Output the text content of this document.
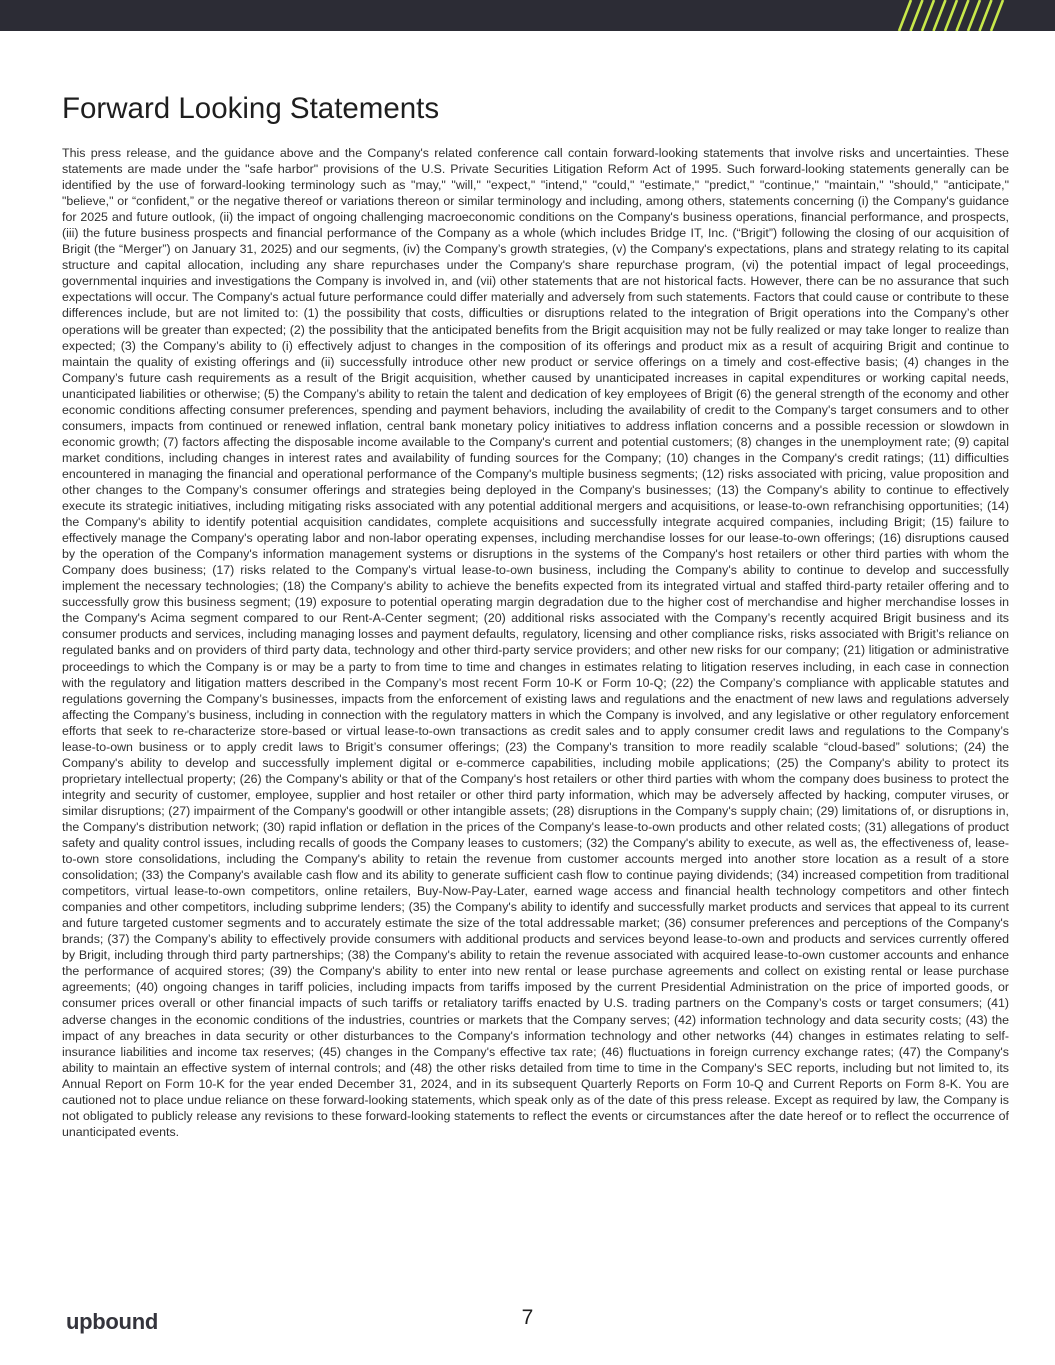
Forward Looking Statements

This press release, and the guidance above and the Company's related conference call contain forward-looking statements that involve risks and uncertainties. These statements are made under the "safe harbor" provisions of the U.S. Private Securities Litigation Reform Act of 1995. Such forward-looking statements generally can be identified by the use of forward-looking terminology such as "may," "will," "expect," "intend," "could," "estimate," "predict," "continue," "maintain," "should," "anticipate," "believe," or “confident,” or the negative thereof or variations thereon or similar terminology and including, among others, statements concerning (i) the Company's guidance for 2025 and future outlook, (ii) the impact of ongoing challenging macroeconomic conditions on the Company's business operations, financial performance, and prospects, (iii) the future business prospects and financial performance of the Company as a whole (which includes Bridge IT, Inc. (“Brigit”) following the closing of our acquisition of Brigit (the “Merger”) on January 31, 2025) and our segments, (iv) the Company’s growth strategies, (v) the Company's expectations, plans and strategy relating to its capital structure and capital allocation, including any share repurchases under the Company's share repurchase program, (vi) the potential impact of legal proceedings, governmental inquiries and investigations the Company is involved in, and (vii) other statements that are not historical facts. However, there can be no assurance that such expectations will occur. The Company's actual future performance could differ materially and adversely from such statements. Factors that could cause or contribute to these differences include, but are not limited to: (1) the possibility that costs, difficulties or disruptions related to the integration of Brigit operations into the Company’s other operations will be greater than expected; (2) the possibility that the anticipated benefits from the Brigit acquisition may not be fully realized or may take longer to realize than expected; (3) the Company’s ability to (i) effectively adjust to changes in the composition of its offerings and product mix as a result of acquiring Brigit and continue to maintain the quality of existing offerings and (ii) successfully introduce other new product or service offerings on a timely and cost-effective basis; (4) changes in the Company’s future cash requirements as a result of the Brigit acquisition, whether caused by unanticipated increases in capital expenditures or working capital needs, unanticipated liabilities or otherwise; (5) the Company’s ability to retain the talent and dedication of key employees of Brigit (6) the general strength of the economy and other economic conditions affecting consumer preferences, spending and payment behaviors, including the availability of credit to the Company's target consumers and to other consumers, impacts from continued or renewed inflation, central bank monetary policy initiatives to address inflation concerns and a possible recession or slowdown in economic growth; (7) factors affecting the disposable income available to the Company's current and potential customers; (8) changes in the unemployment rate; (9) capital market conditions, including changes in interest rates and availability of funding sources for the Company; (10) changes in the Company's credit ratings; (11) difficulties encountered in managing the financial and operational performance of the Company's multiple business segments; (12) risks associated with pricing, value proposition and other changes to the Company’s consumer offerings and strategies being deployed in the Company's businesses; (13) the Company's ability to continue to effectively execute its strategic initiatives, including mitigating risks associated with any potential additional mergers and acquisitions, or lease-to-own refranchising opportunities; (14) the Company's ability to identify potential acquisition candidates, complete acquisitions and successfully integrate acquired companies, including Brigit; (15) failure to effectively manage the Company's operating labor and non-labor operating expenses, including merchandise losses for our lease-to-own offerings; (16) disruptions caused by the operation of the Company's information management systems or disruptions in the systems of the Company's host retailers or other third parties with whom the Company does business; (17) risks related to the Company's virtual lease-to-own business, including the Company's ability to continue to develop and successfully implement the necessary technologies; (18) the Company's ability to achieve the benefits expected from its integrated virtual and staffed third-party retailer offering and to successfully grow this business segment; (19) exposure to potential operating margin degradation due to the higher cost of merchandise and higher merchandise losses in the Company's Acima segment compared to our Rent-A-Center segment; (20) additional risks associated with the Company’s recently acquired Brigit business and its consumer products and services, including managing losses and payment defaults, regulatory, licensing and other compliance risks, risks associated with Brigit’s reliance on regulated banks and on providers of third party data, technology and other third-party service providers; and other new risks for our company; (21) litigation or administrative proceedings to which the Company is or may be a party to from time to time and changes in estimates relating to litigation reserves including, in each case in connection with the regulatory and litigation matters described in the Company’s most recent Form 10-K or Form 10-Q; (22) the Company’s compliance with applicable statutes and regulations governing the Company’s businesses, impacts from the enforcement of existing laws and regulations and the enactment of new laws and regulations adversely affecting the Company’s business, including in connection with the regulatory matters in which the Company is involved, and any legislative or other regulatory enforcement efforts that seek to re-characterize store-based or virtual lease-to-own transactions as credit sales and to apply consumer credit laws and regulations to the Company’s lease-to-own business or to apply credit laws to Brigit’s consumer offerings; (23) the Company's transition to more readily scalable “cloud-based” solutions; (24) the Company's ability to develop and successfully implement digital or e-commerce capabilities, including mobile applications; (25) the Company's ability to protect its proprietary intellectual property; (26) the Company's ability or that of the Company's host retailers or other third parties with whom the company does business to protect the integrity and security of customer, employee, supplier and host retailer or other third party information, which may be adversely affected by hacking, computer viruses, or similar disruptions; (27) impairment of the Company's goodwill or other intangible assets; (28) disruptions in the Company's supply chain; (29) limitations of, or disruptions in, the Company's distribution network; (30) rapid inflation or deflation in the prices of the Company's lease-to-own products and other related costs; (31) allegations of product safety and quality control issues, including recalls of goods the Company leases to customers; (32) the Company's ability to execute, as well as, the effectiveness of, lease-to-own store consolidations, including the Company's ability to retain the revenue from customer accounts merged into another store location as a result of a store consolidation; (33) the Company's available cash flow and its ability to generate sufficient cash flow to continue paying dividends; (34) increased competition from traditional competitors, virtual lease-to-own competitors, online retailers, Buy-Now-Pay-Later, earned wage access and financial health technology competitors and other fintech companies and other competitors, including subprime lenders; (35) the Company's ability to identify and successfully market products and services that appeal to its current and future targeted customer segments and to accurately estimate the size of the total addressable market; (36) consumer preferences and perceptions of the Company's brands; (37) the Company’s ability to effectively provide consumers with additional products and services beyond lease-to-own and products and services currently offered by Brigit, including through third party partnerships; (38) the Company's ability to retain the revenue associated with acquired lease-to-own customer accounts and enhance the performance of acquired stores; (39) the Company's ability to enter into new rental or lease purchase agreements and collect on existing rental or lease purchase agreements; (40) ongoing changes in tariff policies, including impacts from tariffs imposed by the current Presidential Administration on the price of imported goods, or consumer prices overall or other financial impacts of such tariffs or retaliatory tariffs enacted by U.S. trading partners on the Company’s costs or target consumers; (41) adverse changes in the economic conditions of the industries, countries or markets that the Company serves; (42) information technology and data security costs; (43) the impact of any breaches in data security or other disturbances to the Company's information technology and other networks (44) changes in estimates relating to self-insurance liabilities and income tax reserves; (45) changes in the Company's effective tax rate; (46) fluctuations in foreign currency exchange rates; (47) the Company's ability to maintain an effective system of internal controls; and (48) the other risks detailed from time to time in the Company's SEC reports, including but not limited to, its Annual Report on Form 10-K for the year ended December 31, 2024, and in its subsequent Quarterly Reports on Form 10-Q and Current Reports on Form 8-K. You are cautioned not to place undue reliance on these forward-looking statements, which speak only as of the date of this press release. Except as required by law, the Company is not obligated to publicly release any revisions to these forward-looking statements to reflect the events or circumstances after the date hereof or to reflect the occurrence of unanticipated events.

upbound	7
